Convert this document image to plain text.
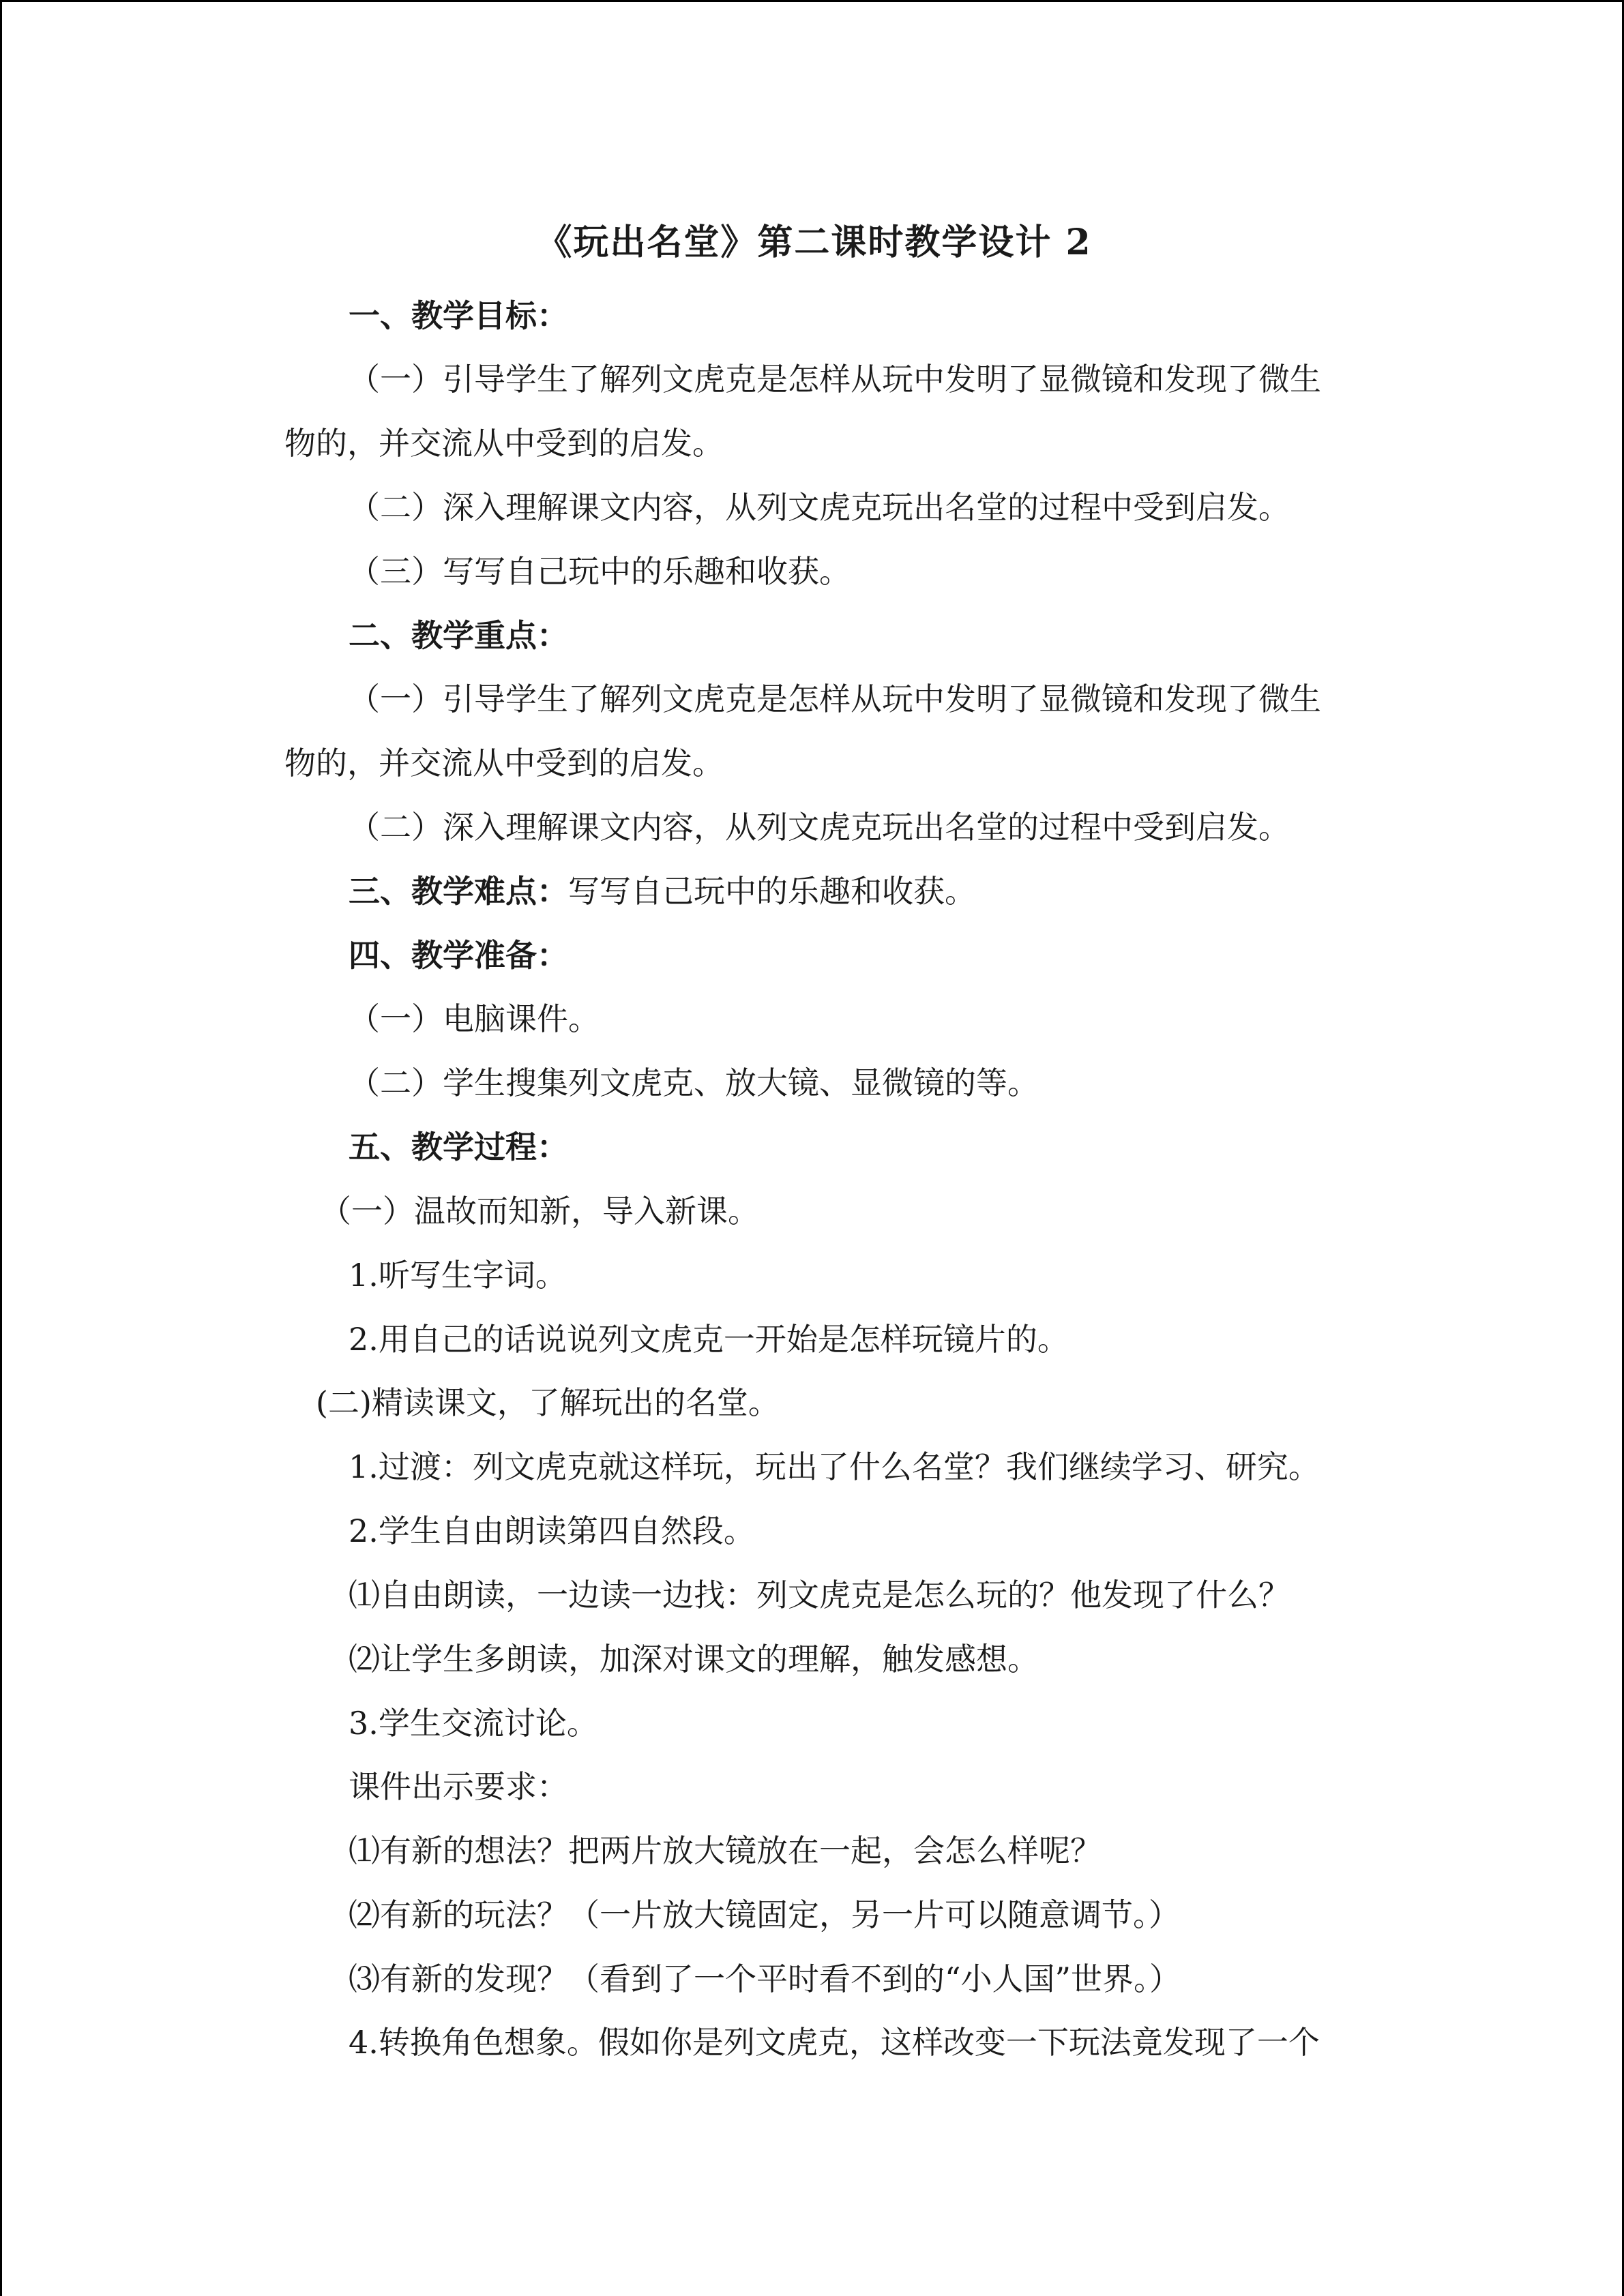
《玩出名堂》第二课时教学设计 2
一、教学目标：
（一）引导学生了解列文虎克是怎样从玩中发明了显微镜和发现了微生
物的，并交流从中受到的启发。
（二）深入理解课文内容，从列文虎克玩出名堂的过程中受到启发。
（三）写写自己玩中的乐趣和收获。
二、教学重点：
（一）引导学生了解列文虎克是怎样从玩中发明了显微镜和发现了微生
物的，并交流从中受到的启发。
（二）深入理解课文内容，从列文虎克玩出名堂的过程中受到启发。
三、教学难点：写写自己玩中的乐趣和收获。
四、教学准备：
（一）电脑课件。
（二）学生搜集列文虎克、放大镜、显微镜的等。
五、教学过程：
（一）温故而知新，导入新课。
1.听写生字词。
2.用自己的话说说列文虎克一开始是怎样玩镜片的。
(二)精读课文，了解玩出的名堂。
1.过渡：列文虎克就这样玩，玩出了什么名堂？我们继续学习、研究。
2.学生自由朗读第四自然段。
⑴自由朗读，一边读一边找：列文虎克是怎么玩的？他发现了什么？
⑵让学生多朗读，加深对课文的理解，触发感想。
3.学生交流讨论。
课件出示要求：
⑴有新的想法？把两片放大镜放在一起，会怎么样呢？
⑵有新的玩法？（一片放大镜固定，另一片可以随意调节。）
⑶有新的发现？（看到了一个平时看不到的“小人国”世界。）
4.转换角色想象。假如你是列文虎克，这样改变一下玩法竟发现了一个
